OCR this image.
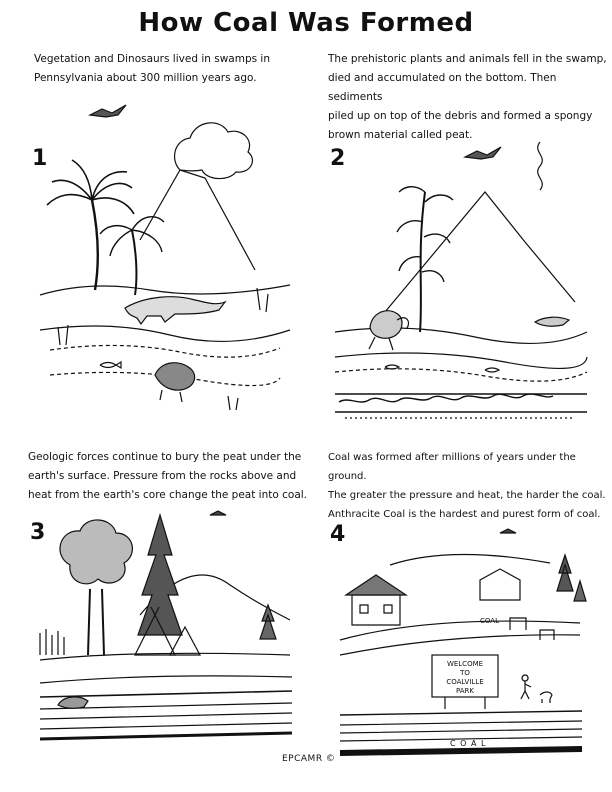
How Coal Was Formed
Vegetation and Dinosaurs lived in swamps in
Pennsylvania about 300 million years ago.
The prehistoric plants and animals fell in the swamp,
died and accumulated on the bottom. Then sediments
piled up on top of the debris and formed a spongy
brown material called peat.
Geologic forces continue to bury the peat under the
earth's surface. Pressure from the rocks above and
heat from the earth's core change the peat into coal.
Coal was formed after millions of years under the ground.
The greater the pressure and heat, the harder the coal.
Anthracite Coal is the hardest and purest form of coal.
1	2
3	4
WELCOME
TO
COALVILLE
PARK
C O A L
COAL
EPCAMR ©
